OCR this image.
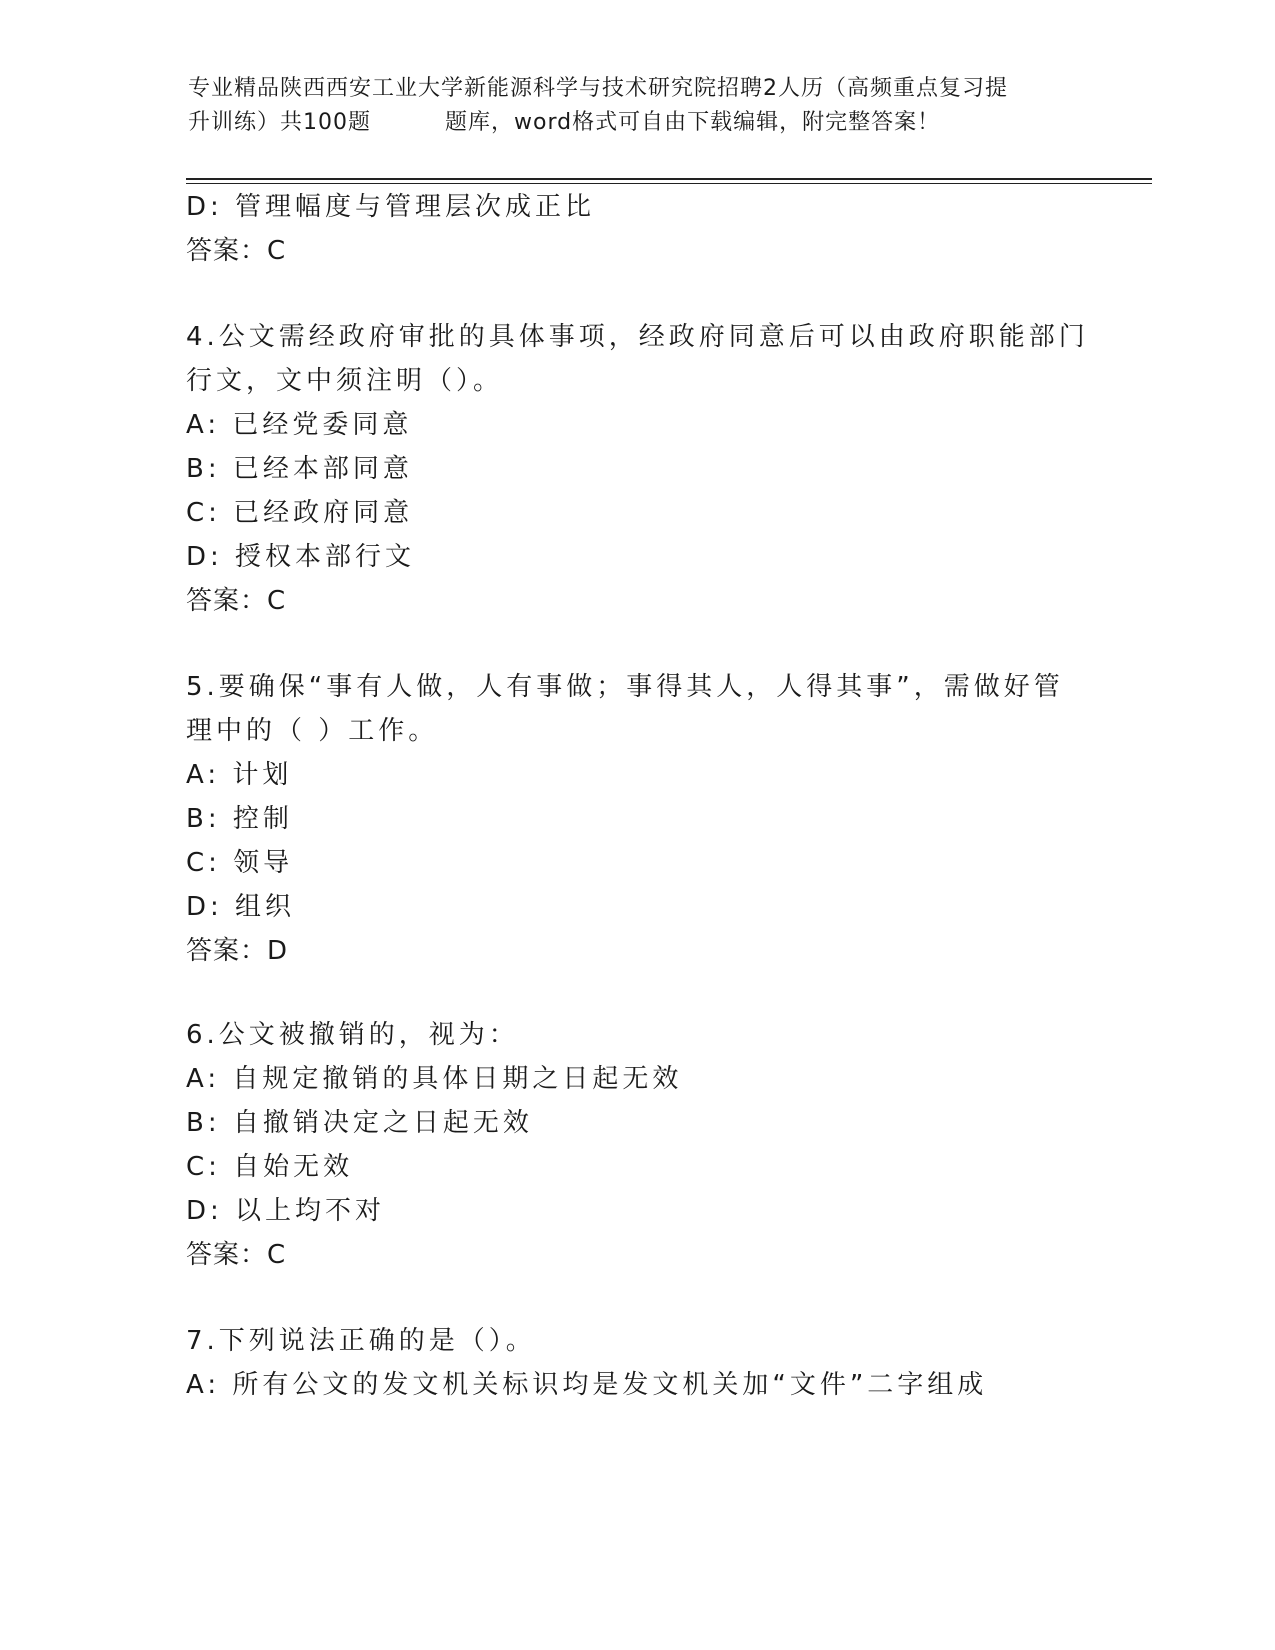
专业精品陕西西安工业大学新能源科学与技术研究院招聘2人历（高频重点复习提
升训练）共100题	题库，word格式可自由下载编辑，附完整答案！
D: 管理幅度与管理层次成正比
答案：C
4.公文需经政府审批的具体事项，经政府同意后可以由政府职能部门
行文，文中须注明（）。
A: 已经党委同意
B: 已经本部同意
C: 已经政府同意
D: 授权本部行文
答案：C
5.要确保“事有人做，人有事做；事得其人，人得其事”，需做好管
理中的（ ）工作。
A: 计划
B: 控制
C: 领导
D: 组织
答案：D
6.公文被撤销的，视为：
A: 自规定撤销的具体日期之日起无效
B: 自撤销决定之日起无效
C: 自始无效
D: 以上均不对
答案：C
7.下列说法正确的是（）。
A: 所有公文的发文机关标识均是发文机关加“文件”二字组成
